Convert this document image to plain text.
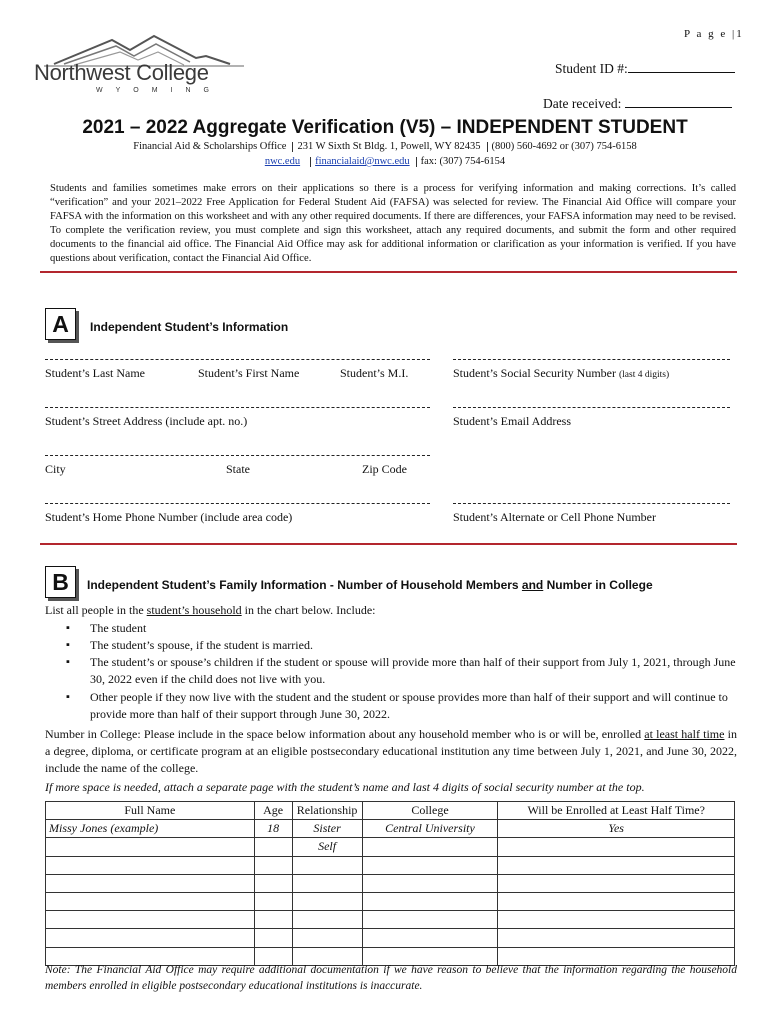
P a g e |1
Northwest College
WYOMING
Student ID #:
Date received:
2021 – 2022 Aggregate Verification (V5) – INDEPENDENT STUDENT
Financial Aid & Scholarships Office 231 W Sixth St Bldg. 1, Powell, WY 82435 (800) 560-4692 or (307) 754-6158
nwc.edu financialaid@nwc.edu fax: (307) 754-6154
Students and families sometimes make errors on their applications so there is a process for verifying information and making corrections. It’s called “verification” and your 2021–2022 Free Application for Federal Student Aid (FAFSA) was selected for review. The Financial Aid Office will compare your FAFSA with the information on this worksheet and with any other required documents. If there are differences, your FAFSA information may need to be revised. To complete the verification review, you must complete and sign this worksheet, attach any required documents, and submit the form and other required documents to the financial aid office. The Financial Aid Office may ask for additional information or clarification as your information is verified. If you have questions about verification, contact the Financial Aid Office.
A	Independent Student’s Information
Student’s Last Name	Student’s First Name	Student’s M.I.	Student’s Social Security Number (last 4 digits)
Student’s Street Address (include apt. no.)	Student’s Email Address
City	State	Zip Code
Student’s Home Phone Number (include area code)	Student’s Alternate or Cell Phone Number
B	Independent Student’s Family Information - Number of Household Members and Number in College
List all people in the student’s household in the chart below. Include:
▪ The student
▪ The student’s spouse, if the student is married.
▪ The student’s or spouse’s children if the student or spouse will provide more than half of their support from July 1, 2021, through June 30, 2022 even if the child does not live with you.
▪ Other people if they now live with the student and the student or spouse provides more than half of their support and will continue to provide more than half of their support through June 30, 2022.
Number in College: Please include in the space below information about any household member who is or will be, enrolled at least half time in a degree, diploma, or certificate program at an eligible postsecondary educational institution any time between July 1, 2021, and June 30, 2022, include the name of the college.
If more space is needed, attach a separate page with the student’s name and last 4 digits of social security number at the top.
Full Name	Age	Relationship	College	Will be Enrolled at Least Half Time?
Missy Jones (example)	18	Sister	Central University	Yes
		Self		

Note: The Financial Aid Office may require additional documentation if we have reason to believe that the information regarding the household members enrolled in eligible postsecondary educational institutions is inaccurate.
